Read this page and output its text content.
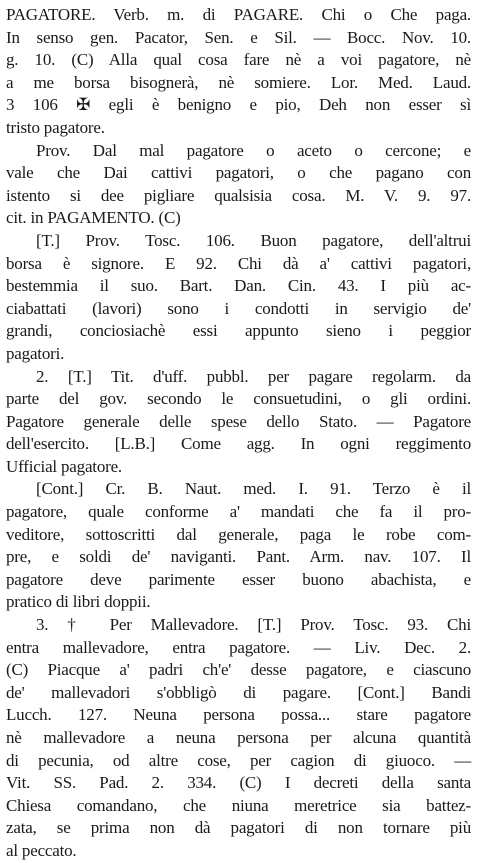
PAGATORE. Verb. m. di PAGARE. Chi o Che paga.
In senso gen. Pacator, Sen. e Sil. — Bocc. Nov. 10.
g. 10. (C) Alla qual cosa fare nè a voi pagatore, nè
a me borsa bisognerà, nè somiere. Lor. Med. Laud.
3 106 ✠ egli è benigno e pio, Deh non esser sì
tristo pagatore.
Prov. Dal mal pagatore o aceto o cercone; e
vale che Dai cattivi pagatori, o che pagano con
istento si dee pigliare qualsisia cosa. M. V. 9. 97.
cit. in PAGAMENTO. (C)
[T.] Prov. Tosc. 106. Buon pagatore, dell'altrui
borsa è signore. E 92. Chi dà a' cattivi pagatori,
bestemmia il suo. Bart. Dan. Cin. 43. I più ac-
ciabattati (lavori) sono i condotti in servigio de'
grandi, conciosiachè essi appunto sieno i peggior
pagatori.
2. [T.] Tit. d'uff. pubbl. per pagare regolarm. da
parte del gov. secondo le consuetudini, o gli ordini.
Pagatore generale delle spese dello Stato. — Pagatore
dell'esercito. [L.B.] Come agg. In ogni reggimento
Ufficial pagatore.
[Cont.] Cr. B. Naut. med. I. 91. Terzo è il
pagatore, quale conforme a' mandati che fa il pro-
veditore, sottoscritti dal generale, paga le robe com-
pre, e soldi de' naviganti. Pant. Arm. nav. 107. Il
pagatore deve parimente esser buono abachista, e
pratico di libri doppii.
3. † Per Mallevadore. [T.] Prov. Tosc. 93. Chi
entra mallevadore, entra pagatore. — Liv. Dec. 2.
(C) Piacque a' padri ch'e' desse pagatore, e ciascuno
de' mallevadori s'obbligò di pagare. [Cont.] Bandi
Lucch. 127. Neuna persona possa... stare pagatore
nè mallevadore a neuna persona per alcuna quantità
di pecunia, od altre cose, per cagion di giuoco. —
Vit. SS. Pad. 2. 334. (C) I decreti della santa
Chiesa comandano, che niuna meretrice sia battez-
zata, se prima non dà pagatori di non tornare più
al peccato.
